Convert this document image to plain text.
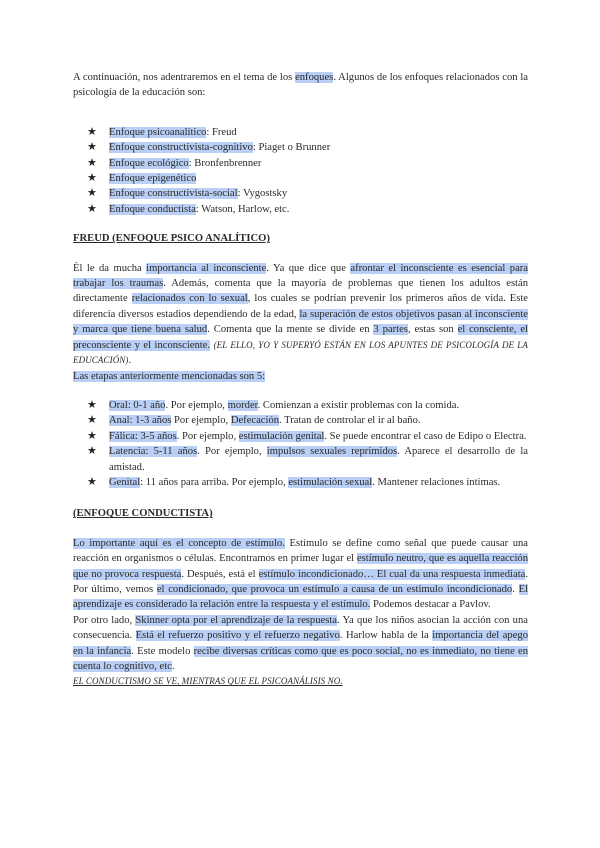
A continuación, nos adentraremos en el tema de los enfoques. Algunos de los enfoques relacionados con la psicología de la educación son:

★ Enfoque psicoanalítico: Freud
★ Enfoque constructivista-cognitivo: Piaget o Brunner
★ Enfoque ecológico: Bronfenbrenner
★ Enfoque epigenético
★ Enfoque constructivista-social: Vygostsky
★ Enfoque conductista: Watson, Harlow, etc.
FREUD (ENFOQUE PSICO ANALÍTICO)

Él le da mucha importancia al inconsciente. Ya que dice que afrontar el inconsciente es esencial para trabajar los traumas. Además, comenta que la mayoría de problemas que tienen los adultos están directamente relacionados con lo sexual, los cuales se podrían prevenir los primeros años de vida. Este diferencia diversos estadios dependiendo de la edad, la superación de estos objetivos pasan al inconsciente y marca que tiene buena salud. Comenta que la mente se divide en 3 partes, estas son el consciente, el preconsciente y el inconsciente. (EL ELLO, YO Y SUPERYÓ ESTÁN EN LOS APUNTES DE PSICOLOGÍA DE LA EDUCACIÓN).

Las etapas anteriormente mencionadas son 5:

★ Oral: 0-1 año. Por ejemplo, morder. Comienzan a existir problemas con la comida.
★ Anal: 1-3 años Por ejemplo, Defecación. Tratan de controlar el ir al baño.
★ Fálica: 3-5 años. Por ejemplo, estimulación genital. Se puede encontrar el caso de Edipo o Electra.
★ Latencia: 5-11 años. Por ejemplo, impulsos sexuales reprimidos. Aparece el desarrollo de la amistad.
★ Genital: 11 años para arriba. Por ejemplo, estimulación sexual. Mantener relaciones íntimas.
(ENFOQUE CONDUCTISTA)

Lo importante aquí es el concepto de estímulo. Estímulo se define como señal que puede causar una reacción en organismos o células. Encontramos en primer lugar el estímulo neutro, que es aquella reacción que no provoca respuesta. Después, está el estímulo incondicionado… El cual da una respuesta inmediata. Por último, vemos el condicionado, que provoca un estímulo a causa de un estímulo incondicionado. El aprendizaje es considerado la relación entre la respuesta y el estímulo. Podemos destacar a Pavlov.

Por otro lado, Skinner opta por el aprendizaje de la respuesta. Ya que los niños asocian la acción con una consecuencia. Está el refuerzo positivo y el refuerzo negativo. Harlow habla de la importancia del apego en la infancia. Este modelo recibe diversas críticas como que es poco social, no es inmediato, no tiene en cuenta lo cognitivo, etc.

EL CONDUCTISMO SE VE, MIENTRAS QUE EL PSICOANÁLISIS NO.
